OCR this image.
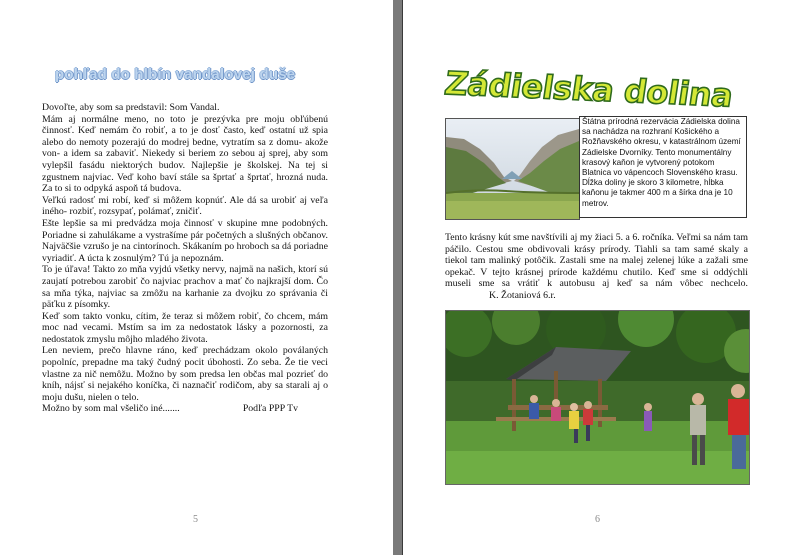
pohľad do hlbín vandalovej duše

Dovoľte, aby som sa predstavil: Som Vandal.

Mám aj normálne meno, no toto je prezývka pre moju obľúbenú činnosť. Keď nemám čo robiť, a to je dosť často, keď ostatní už spia alebo do nemoty pozerajú do modrej bedne, vytratím sa z domu- akože von- a idem sa zabaviť. Niekedy si beriem zo sebou aj sprej, aby som vylepšil fasádu niektorých budov. Najlepšie je školskej. Na tej si zgustnem najviac. Veď koho baví stále sa šprtať a šprtať, hrozná nuda. Za to si to odpyká aspoň tá budova.

Veľkú radosť mi robí, keď si môžem kopnúť. Ale dá sa urobiť aj veľa iného- rozbiť, rozsypať, polámať, zničiť.

Ešte lepšie sa mi predvádza moja činnosť v skupine mne podobných. Poriadne si zahulákame a vystrašíme pár početných a slušných občanov. Najväčšie vzrušo je na cintorínoch. Skákaním po hroboch sa dá poriadne vyriadiť. A úcta k zosnulým? Tú ja nepoznám.

To je úľava! Takto zo mňa vyjdú všetky nervy, najmä na našich, ktorí sú zaujatí potrebou zarobiť čo najviac prachov a mať čo najkrajší dom. Čo sa mňa týka, najviac sa zmôžu na karhanie za dvojku zo správania či päťku z písomky.

Keď som takto vonku, cítim, že teraz si môžem robiť, čo chcem, mám moc nad vecami. Mstím sa im za nedostatok lásky a pozornosti, za nedostatok zmyslu môjho mladého života.

Len neviem, prečo hlavne ráno, keď prechádzam okolo poválaných popolníc, prepadne ma taký čudný pocit úbohosti. Zo seba. Že tie veci vlastne za nič nemôžu. Možno by som predsa len občas mal pozrieť do kníh, nájsť si nejakého koníčka, či naznačiť rodičom, aby sa starali aj o moju dušu, nielen o telo.

Možno by som mal všeličo iné.......	Podľa PPP Tv

5
Zádielska dolina
Štátna prírodná rezervácia Zádielska dolina sa nachádza na rozhraní Košického a Rožňavského okresu, v katastrálnom území Zádielske Dvorníky. Tento monumentálny krasový kaňon je vytvorený potokom Blatnica vo vápencoch Slovenského krasu. Dĺžka doliny je skoro 3 kilometre, hĺbka kaňonu je takmer 400 m a šírka dna je 10 metrov.
Tento krásny kút sme navštívili aj my žiaci 5. a 6. ročníka. Veľmi sa nám tam páčilo. Cestou sme obdivovali krásy prírody. Tiahli sa tam samé skaly a tiekol tam malinký potôčik. Zastali sme na malej zelenej lúke a zažali sme opekač. V tejto krásnej prírode každému chutilo. Keď sme si oddýchli museli sme sa vrátiť k autobusu aj keď sa nám vôbec nechcelo. K. Žotaniová 6.r.
6
